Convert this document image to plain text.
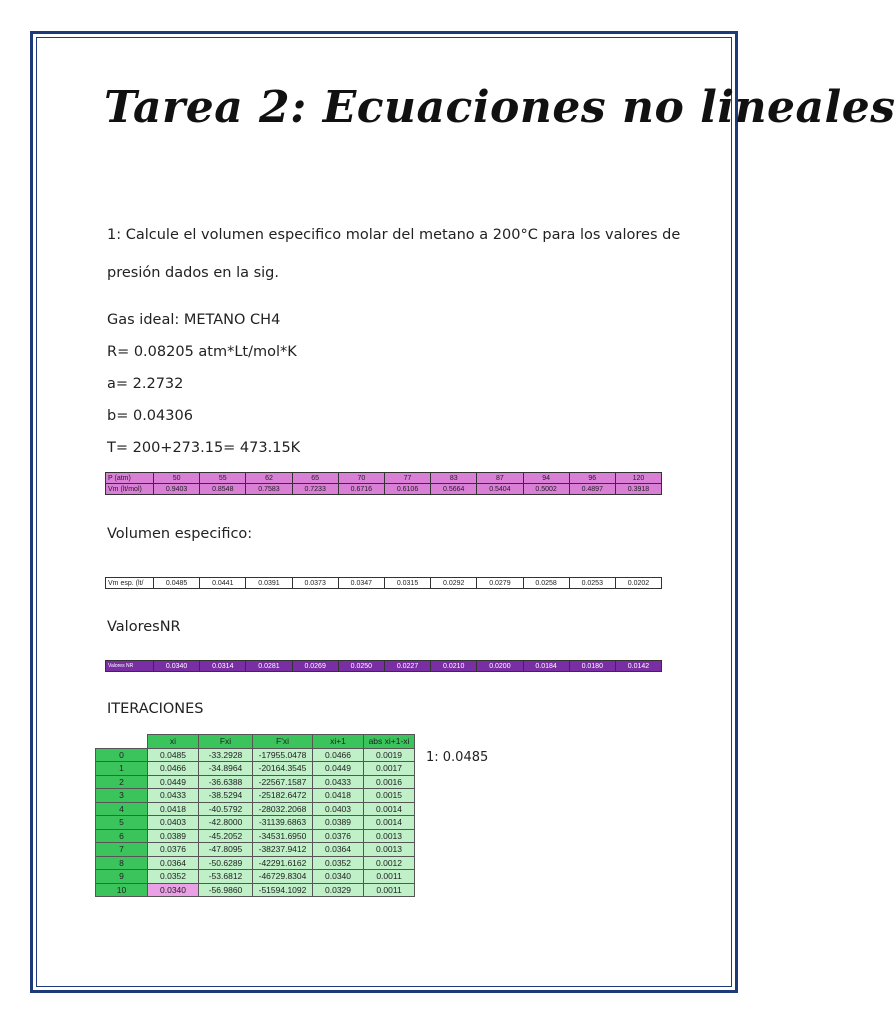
Tarea 2: Ecuaciones no lineales
1: Calcule el volumen especifico molar del metano a 200°C para los valores de
presión dados en la sig.
Gas ideal: METANO CH4
R= 0.08205 atm*Lt/mol*K
a= 2.2732
b= 0.04306
T= 200+273.15= 473.15K
P (atm)	50	55	62	65	70	77	83	87	94	96	120
Vm (lt/mol)	0.9403	0.8548	0.7583	0.7233	0.6716	0.6106	0.5664	0.5404	0.5002	0.4897	0.3918
Volumen especifico:
Vm esp. (lt/	0.0485	0.0441	0.0391	0.0373	0.0347	0.0315	0.0292	0.0279	0.0258	0.0253	0.0202
ValoresNR
Valores NR	0.0340	0.0314	0.0281	0.0269	0.0250	0.0227	0.0210	0.0200	0.0184	0.0180	0.0142
ITERACIONES
	xi	Fxi	F'xi	xi+1	abs xi+1-xi
0	0.0485	-33.2928	-17955.0478	0.0466	0.0019
1	0.0466	-34.8964	-20164.3545	0.0449	0.0017
2	0.0449	-36.6388	-22567.1587	0.0433	0.0016
3	0.0433	-38.5294	-25182.6472	0.0418	0.0015
4	0.0418	-40.5792	-28032.2068	0.0403	0.0014
5	0.0403	-42.8000	-31139.6863	0.0389	0.0014
6	0.0389	-45.2052	-34531.6950	0.0376	0.0013
7	0.0376	-47.8095	-38237.9412	0.0364	0.0013
8	0.0364	-50.6289	-42291.6162	0.0352	0.0012
9	0.0352	-53.6812	-46729.8304	0.0340	0.0011
10	0.0340	-56.9860	-51594.1092	0.0329	0.0011
1: 0.0485
